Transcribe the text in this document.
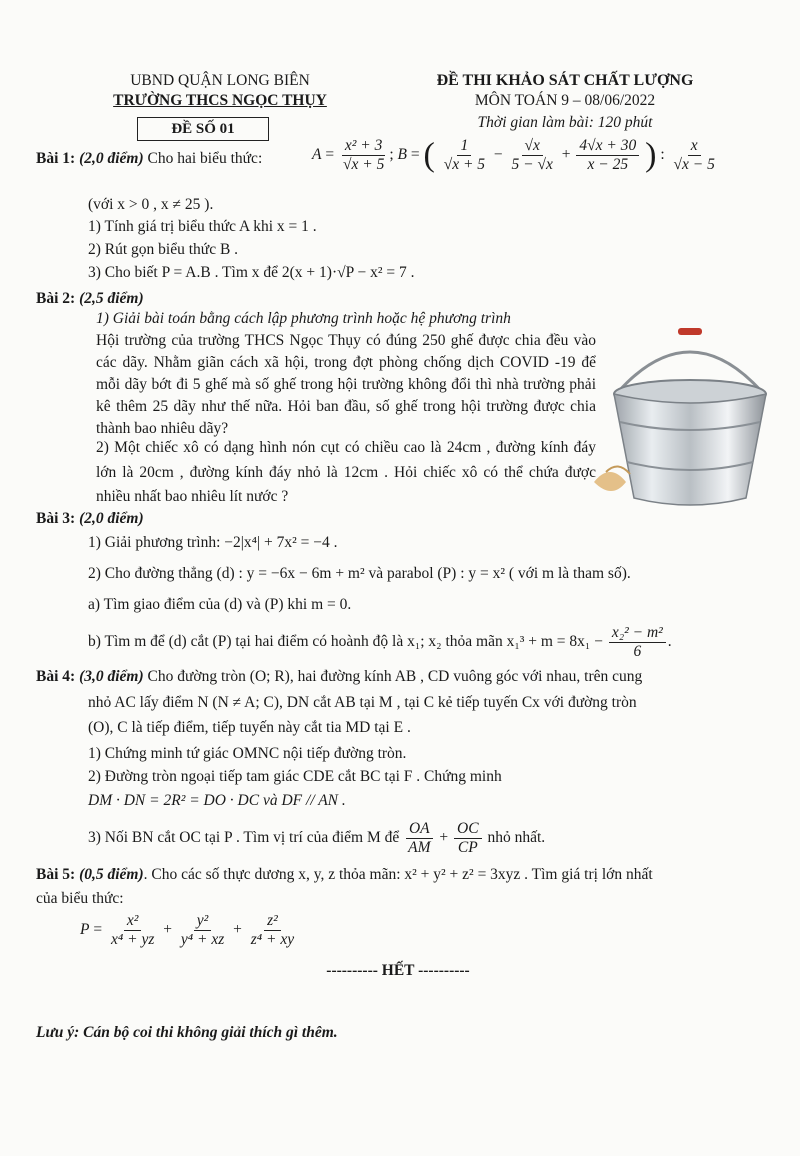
UBND QUẬN LONG BIÊN
TRƯỜNG THCS NGỌC THỤY
ĐỀ SỐ 01
ĐỀ THI KHẢO SÁT CHẤT LƯỢNG
MÔN TOÁN 9 – 08/06/2022
Thời gian làm bài: 120 phút
Bài 1: (2,0 điểm) Cho hai biểu thức:	$A = \frac{\text{x² + 3}}{√x + 5}$ ; B = ( $\frac{1}{√x + 5} - \frac{√x}{5 - √x} + \frac{4√x + 30}{x - 25}$ ) : $\frac{x}{√x - 5}$
(với x > 0 , x ≠ 25 ).
1) Tính giá trị biểu thức A khi x = 1 .
2) Rút gọn biểu thức B .
3) Cho biết P = A.B . Tìm x để 2(x + 1)·√P − x² = 7 .
Bài 2: (2,5 điểm)
1) Giải bài toán bằng cách lập phương trình hoặc hệ phương trình
Hội trường của trường THCS Ngọc Thụy có đúng 250 ghế được chia đều vào các dãy. Nhằm giãn cách xã hội, trong đợt phòng chống dịch COVID -19 để mỗi dãy bớt đi 5 ghế mà số ghế trong hội trường không đổi thì nhà trường phải kê thêm 25 dãy như thế nữa. Hỏi ban đầu, số ghế trong hội trường được chia thành bao nhiêu dãy?
2) Một chiếc xô có dạng hình nón cụt có chiều cao là 24cm , đường kính đáy lớn là 20cm , đường kính đáy nhỏ là 12cm . Hỏi chiếc xô có thể chứa được nhiều nhất bao nhiêu lít nước ?
Bài 3: (2,0 điểm)
1) Giải phương trình: −2|x⁴| + 7x² = −4 .
2) Cho đường thẳng (d) : y = −6x − 6m + m² và parabol (P) : y = x² ( với m là tham số).
a) Tìm giao điểm của (d) và (P) khi m = 0.
b) Tìm m để (d) cắt (P) tại hai điểm có hoành độ là x₁; x₂ thỏa mãn $x_1^3 + m = 8x_1 - \frac{\text{x₂² − m²}}{6}$ .
Bài 4: (3,0 điểm) Cho đường tròn (O; R), hai đường kính AB , CD vuông góc với nhau, trên cung
nhỏ AC lấy điểm N (N ≠ A; C), DN cắt AB tại M , tại C kẻ tiếp tuyến Cx với đường tròn
(O), C là tiếp điểm, tiếp tuyến này cắt tia MD tại E .
1) Chứng minh tứ giác OMNC nội tiếp đường tròn.
2) Đường tròn ngoại tiếp tam giác CDE cắt BC tại F . Chứng minh
DM · DN = 2R² = DO · DC và DF // AN .
3) Nối BN cắt OC tại P . Tìm vị trí của điểm M để $\frac{OA}{AM} + \frac{OC}{CP}$ nhỏ nhất.
Bài 5: (0,5 điểm). Cho các số thực dương x, y, z thỏa mãn: x² + y² + z² = 3xyz . Tìm giá trị lớn nhất
của biểu thức:
$P = \frac{\text{x²}}{\text{x⁴ + yz}} + \frac{\text{y²}}{\text{y⁴ + xz}} + \frac{\text{z²}}{\text{z⁴ + xy}}$
---------- HẾT ----------
Lưu ý: Cán bộ coi thi không giải thích gì thêm.
